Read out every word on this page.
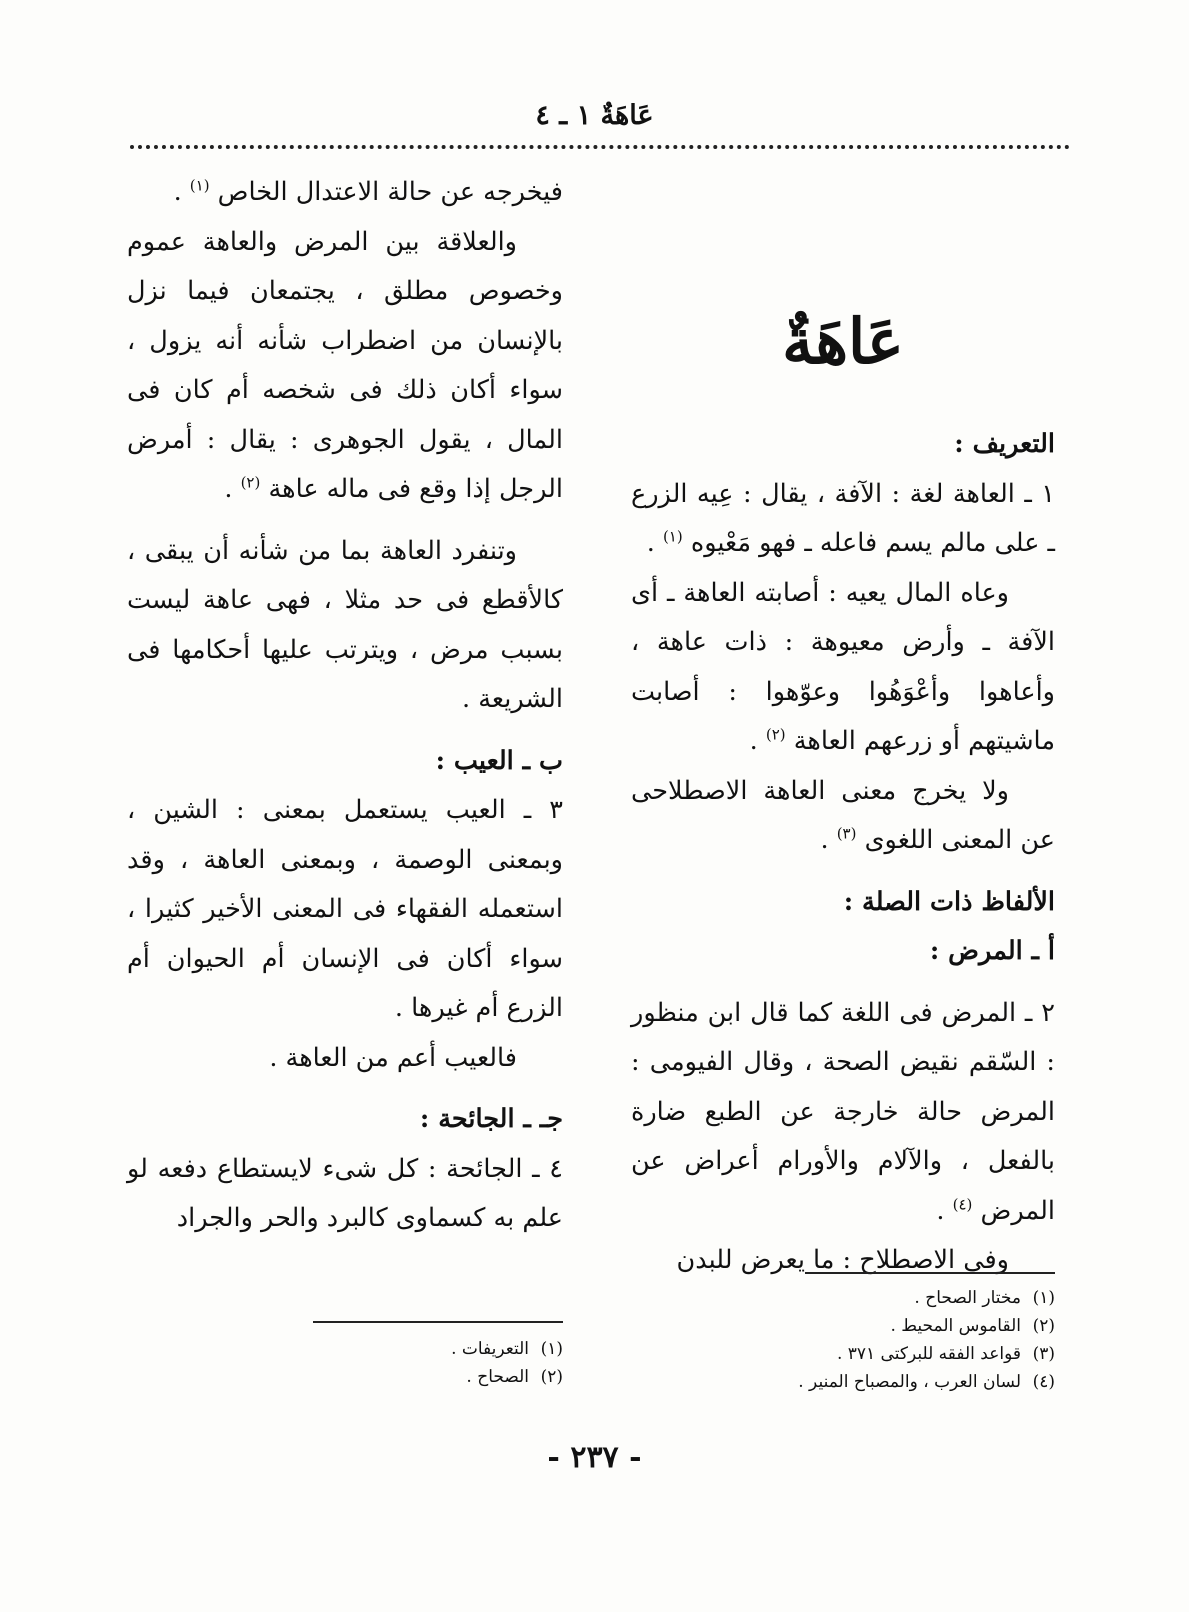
عَاهَةٌ ١ ـ ٤
عَاهَةٌ

التعريف :

١ ـ العاهة لغة : الآفة ، يقال : عِيه الزرع ـ على مالم يسم فاعله ـ فهو مَعْيوه $^{(١)}$ .

وعاه المال يعيه : أصابته العاهة ـ أى الآفة ـ وأرض معيوهة : ذات عاهة ، وأعاهوا وأعْوَهُوا وعوّهوا : أصابت ماشيتهم أو زرعهم العاهة $^{(٢)}$ .

ولا يخرج معنى العاهة الاصطلاحى عن المعنى اللغوى $^{(٣)}$ .

الألفاظ ذات الصلة :

أ ـ المرض :

٢ ـ المرض فى اللغة كما قال ابن منظور : السّقم نقيض الصحة ، وقال الفيومى : المرض حالة خارجة عن الطبع ضارة بالفعل ، والآلام والأورام أعراض عن المرض $^{(٤)}$ .

وفى الاصطلاح : ما يعرض للبدن

فيخرجه عن حالة الاعتدال الخاص $^{(١)}$ .

والعلاقة بين المرض والعاهة عموم وخصوص مطلق ، يجتمعان فيما نزل بالإنسان من اضطراب شأنه أنه يزول ، سواء أكان ذلك فى شخصه أم كان فى المال ، يقول الجوهرى : يقال : أمرض الرجل إذا وقع فى ماله عاهة $^{(٢)}$ .

وتنفرد العاهة بما من شأنه أن يبقى ، كالأقطع فى حد مثلا ، فهى عاهة ليست بسبب مرض ، ويترتب عليها أحكامها فى الشريعة .

ب ـ العيب :

٣ ـ العيب يستعمل بمعنى : الشين ، وبمعنى الوصمة ، وبمعنى العاهة ، وقد استعمله الفقهاء فى المعنى الأخير كثيرا ، سواء أكان فى الإنسان أم الحيوان أم الزرع أم غيرها .

فالعيب أعم من العاهة .

جـ ـ الجائحة :

٤ ـ الجائحة : كل شىء لايستطاع دفعه لو علم به كسماوى كالبرد والحر والجراد

(١)مختار الصحاح .
(٢)القاموس المحيط .
(٣)قواعد الفقه للبركتى ٣٧١ .
(٤)لسان العرب ، والمصباح المنير .
(١)التعريفات .
(٢)الصحاح .
- ٢٣٧ -
